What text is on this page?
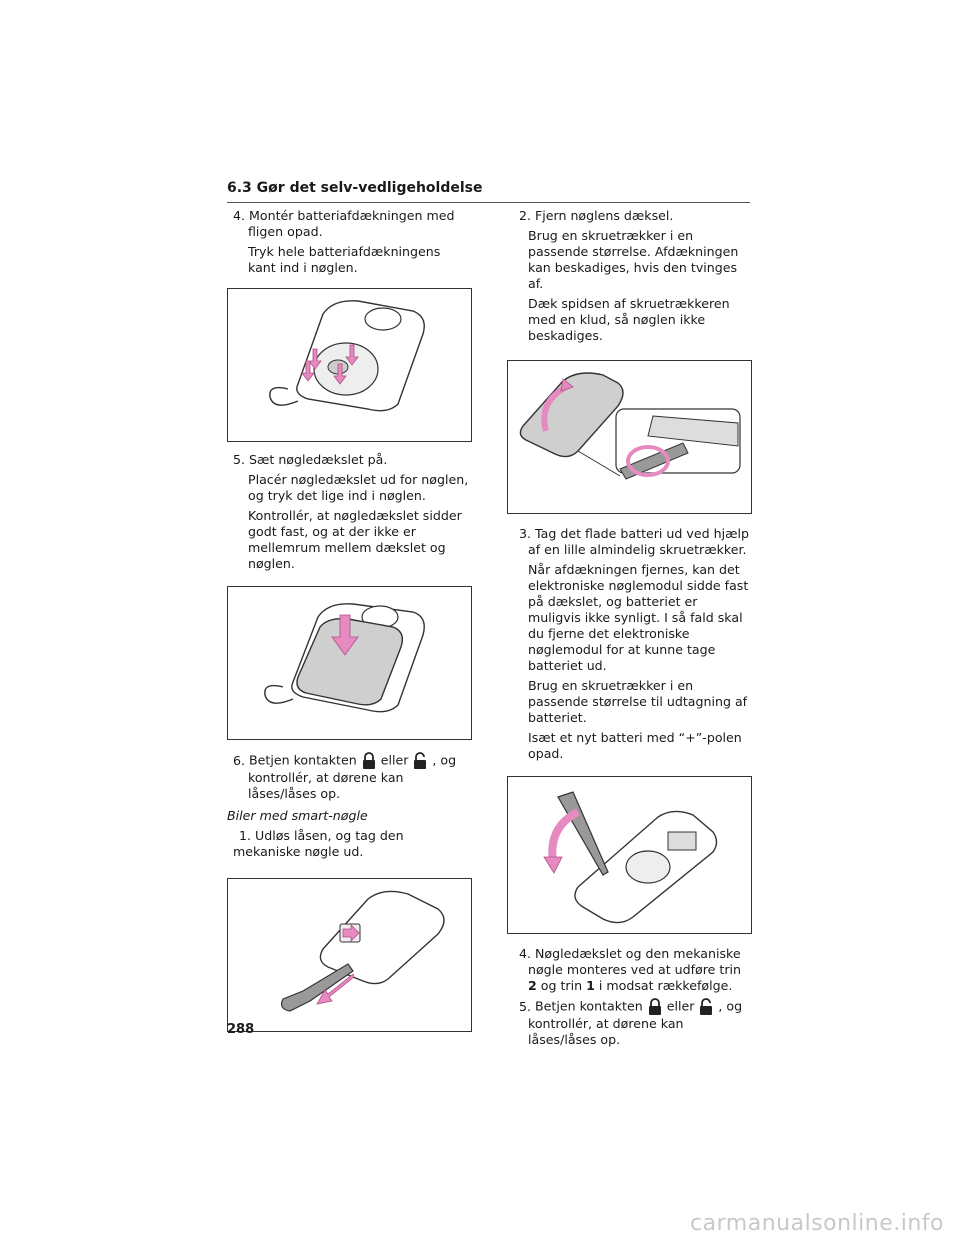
6.3 Gør det selv-vedligeholdelse

4. Montér batteriafdækningen med fligen opad.

Tryk hele batteriafdækningens kant ind i nøglen.

5. Sæt nøgledækslet på.

Placér nøgledækslet ud for nøglen, og tryk det lige ind i nøglen.

Kontrollér, at nøgledækslet sidder godt fast, og at der ikke er mellemrum mellem dækslet og nøglen.

6. Betjen kontakten eller , og

kontrollér, at dørene kan låses/låses op.

Biler med smart-nøgle

1. Udløs låsen, og tag den mekaniske nøgle ud.

2. Fjern nøglens dæksel.

Brug en skruetrækker i en passende størrelse. Afdækningen kan beskadiges, hvis den tvinges af.

Dæk spidsen af skruetrækkeren med en klud, så nøglen ikke beskadiges.

3. Tag det flade batteri ud ved hjælp af en lille almindelig skruetrækker.

Når afdækningen fjernes, kan det elektroniske nøglemodul sidde fast på dækslet, og batteriet er muligvis ikke synligt. I så fald skal du fjerne det elektroniske nøglemodul for at kunne tage batteriet ud.

Brug en skruetrækker i en passende størrelse til udtagning af batteriet.

Isæt et nyt batteri med “+”-polen opad.

4. Nøgledækslet og den mekaniske nøgle monteres ved at udføre trin 2 og trin 1 i modsat rækkefølge.

5. Betjen kontakten eller , og

kontrollér, at dørene kan låses/låses op.

288
carmanualsonline.info
